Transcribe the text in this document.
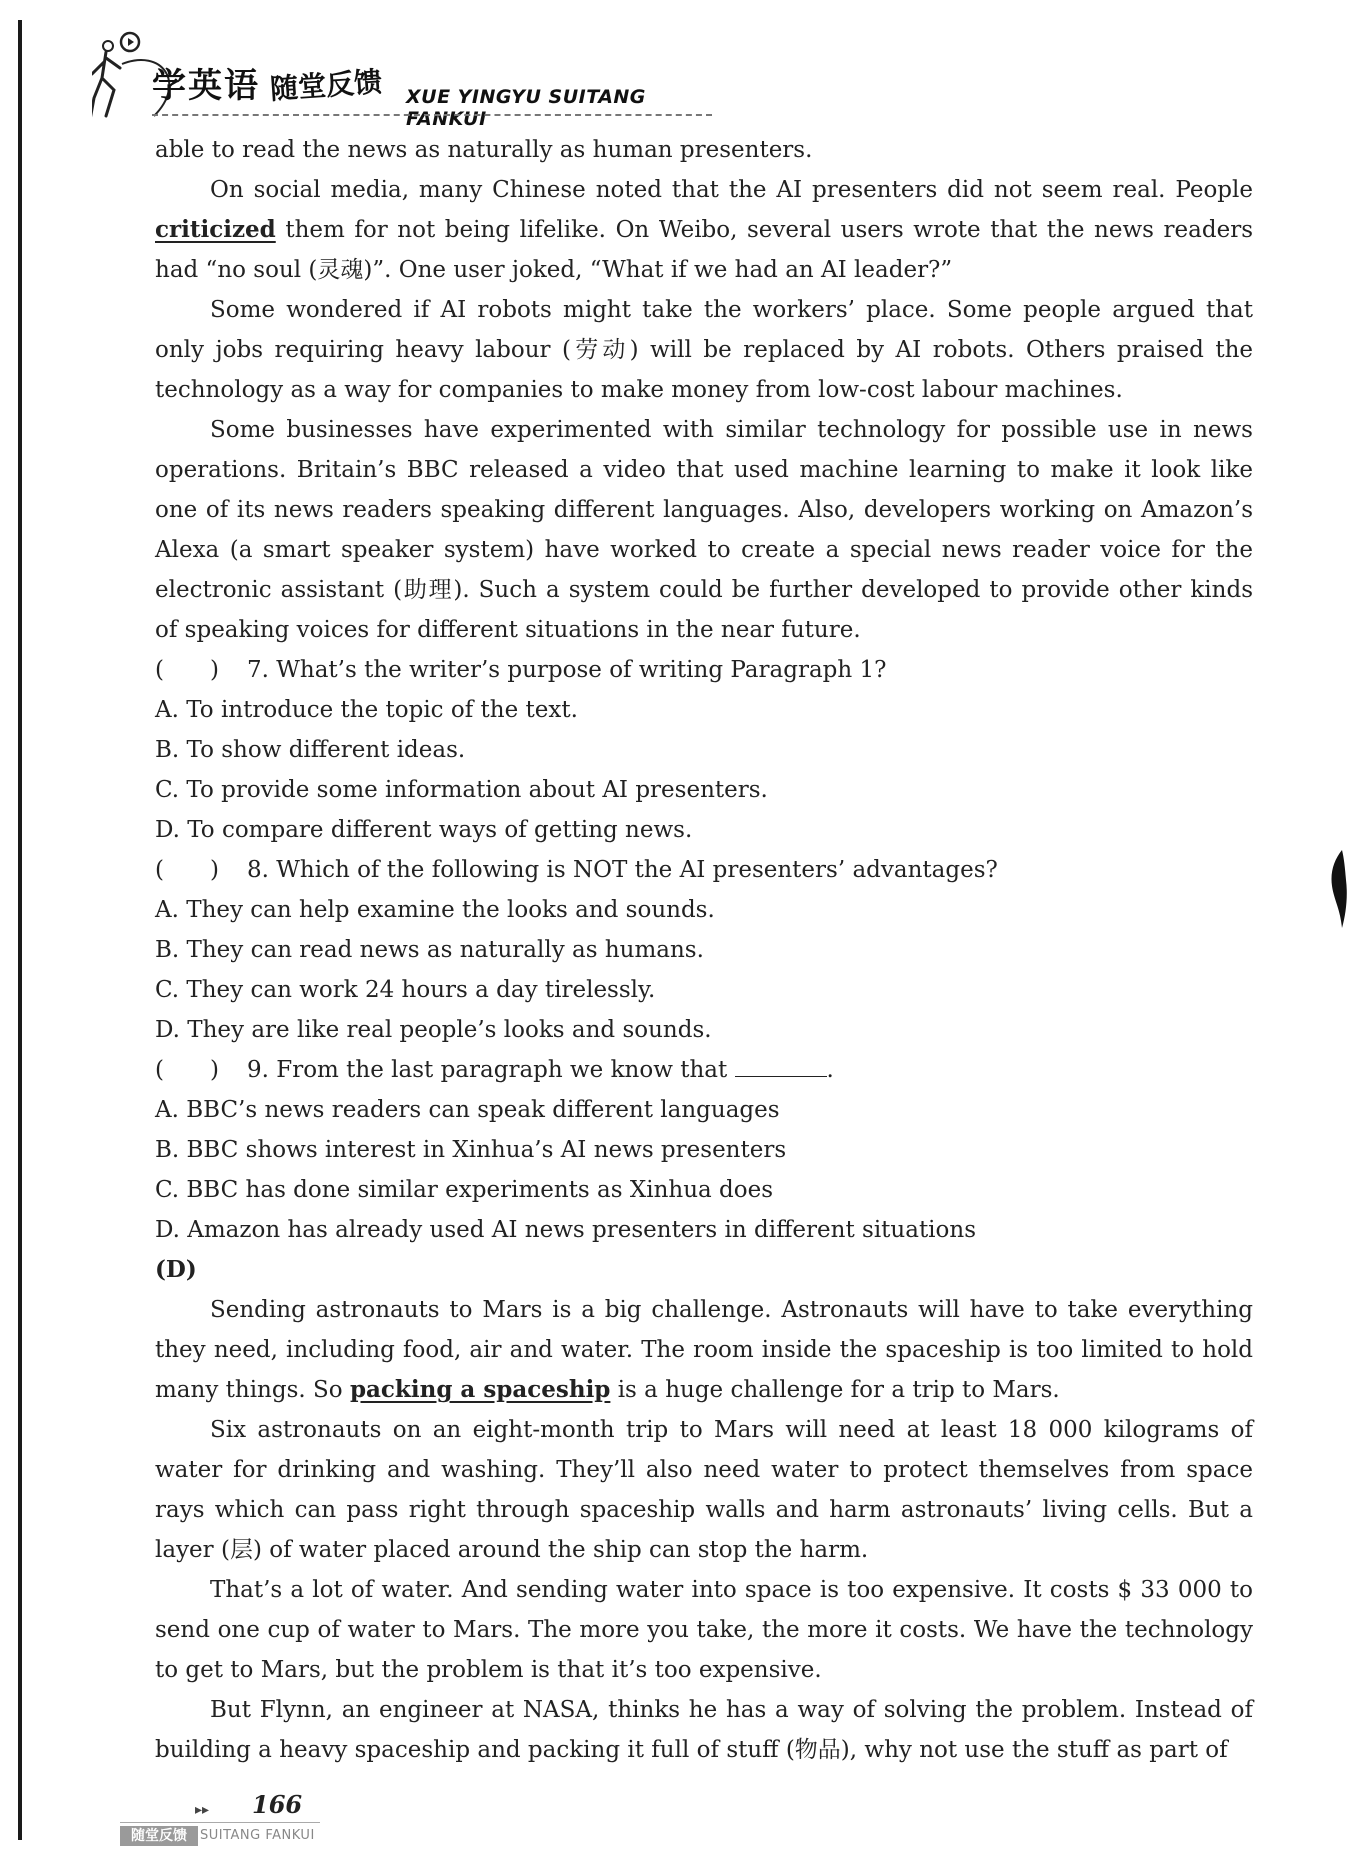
学英语 随堂反馈 XUE YINGYU SUITANG FANKUI

able to read the news as naturally as human presenters.

On social media, many Chinese noted that the AI presenters did not seem real. People criticized them for not being lifelike. On Weibo, several users wrote that the news readers had “no soul (灵魂)”. One user joked, “What if we had an AI leader?”

Some wondered if AI robots might take the workers’ place. Some people argued that only jobs requiring heavy labour (劳动) will be replaced by AI robots. Others praised the technology as a way for companies to make money from low-cost labour machines.

Some businesses have experimented with similar technology for possible use in news operations. Britain’s BBC released a video that used machine learning to make it look like one of its news readers speaking different languages. Also, developers working on Amazon’s Alexa (a smart speaker system) have worked to create a special news reader voice for the electronic assistant (助理). Such a system could be further developed to provide other kinds of speaking voices for different situations in the near future.

(　　) 7. What’s the writer’s purpose of writing Paragraph 1?

A. To introduce the topic of the text.

B. To show different ideas.

C. To provide some information about AI presenters.

D. To compare different ways of getting news.

(　　) 8. Which of the following is NOT the AI presenters’ advantages?

A. They can help examine the looks and sounds.

B. They can read news as naturally as humans.

C. They can work 24 hours a day tirelessly.

D. They are like real people’s looks and sounds.

(　　) 9. From the last paragraph we know that	.

A. BBC’s news readers can speak different languages

B. BBC shows interest in Xinhua’s AI news presenters

C. BBC has done similar experiments as Xinhua does

D. Amazon has already used AI news presenters in different situations

(D)

Sending astronauts to Mars is a big challenge. Astronauts will have to take everything they need, including food, air and water. The room inside the spaceship is too limited to hold many things. So packing a spaceship is a huge challenge for a trip to Mars.

Six astronauts on an eight-month trip to Mars will need at least 18 000 kilograms of water for drinking and washing. They’ll also need water to protect themselves from space rays which can pass right through spaceship walls and harm astronauts’ living cells. But a layer (层) of water placed around the ship can stop the harm.

That’s a lot of water. And sending water into space is too expensive. It costs $ 33 000 to send one cup of water to Mars. The more you take, the more it costs. We have the technology to get to Mars, but the problem is that it’s too expensive.

But Flynn, an engineer at NASA, thinks he has a way of solving the problem. Instead of building a heavy spaceship and packing it full of stuff (物品), why not use the stuff as part of

▸▸ 166
随堂反馈	SUITANG FANKUI
